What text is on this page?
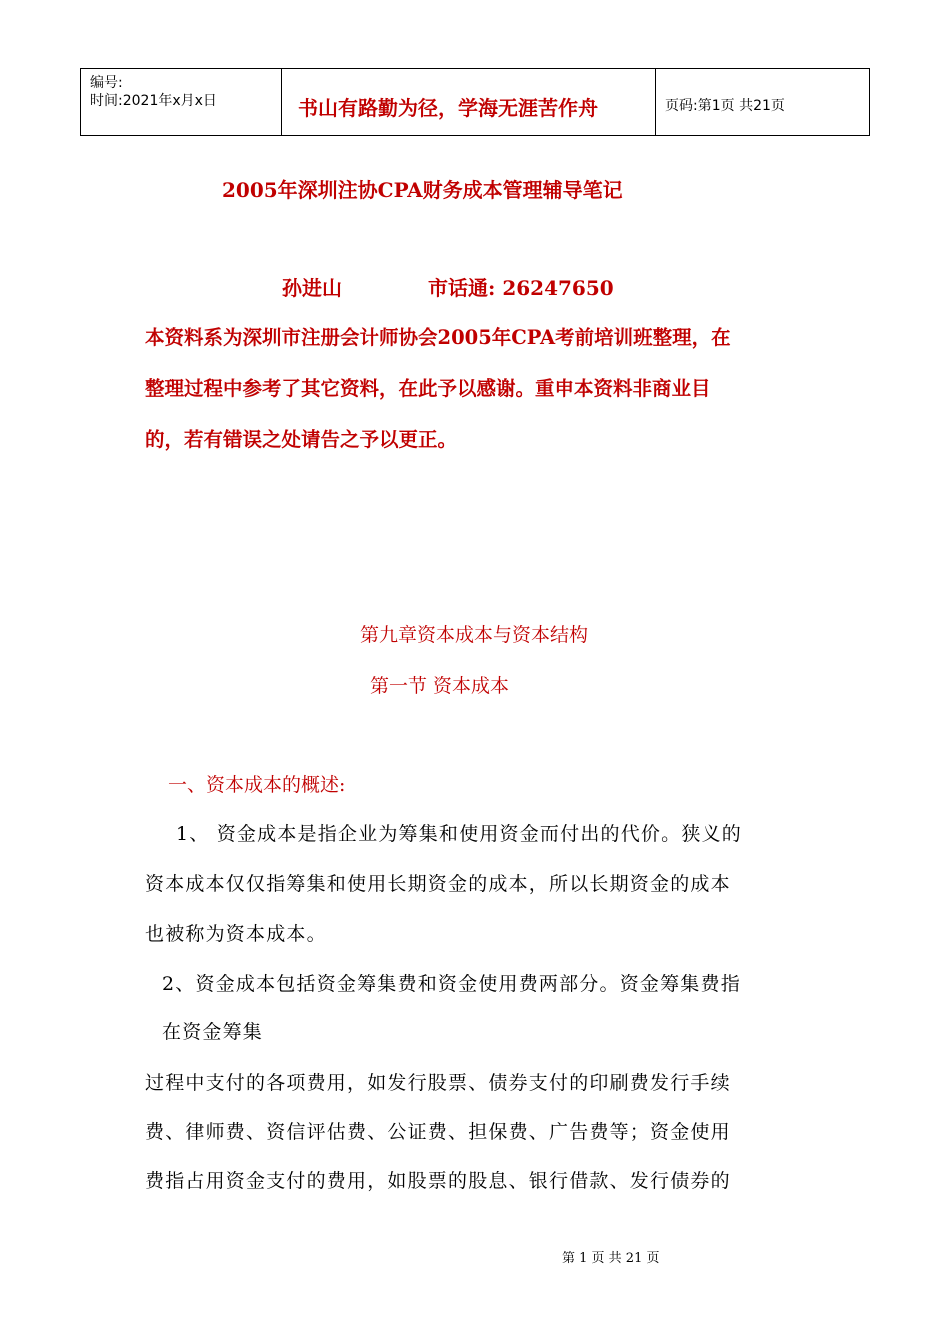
编号:
时间:2021年x月x日	书山有路勤为径，学海无涯苦作舟	页码:第1页 共21页
2005年深圳注协CPA财务成本管理辅导笔记
孙进山	市话通: 26247650
本资料系为深圳市注册会计师协会2005年CPA考前培训班整理，在
整理过程中参考了其它资料，在此予以感谢。重申本资料非商业目
的，若有错误之处请告之予以更正。
第九章资本成本与资本结构
第一节 资本成本
一、资本成本的概述:
1、 资金成本是指企业为筹集和使用资金而付出的代价。狭义的
资本成本仅仅指筹集和使用长期资金的成本，所以长期资金的成本
也被称为资本成本。
2、资金成本包括资金筹集费和资金使用费两部分。资金筹集费指
在资金筹集
过程中支付的各项费用，如发行股票、债券支付的印刷费发行手续
费、律师费、资信评估费、公证费、担保费、广告费等；资金使用
费指占用资金支付的费用，如股票的股息、银行借款、发行债券的
第 1 页 共 21 页
